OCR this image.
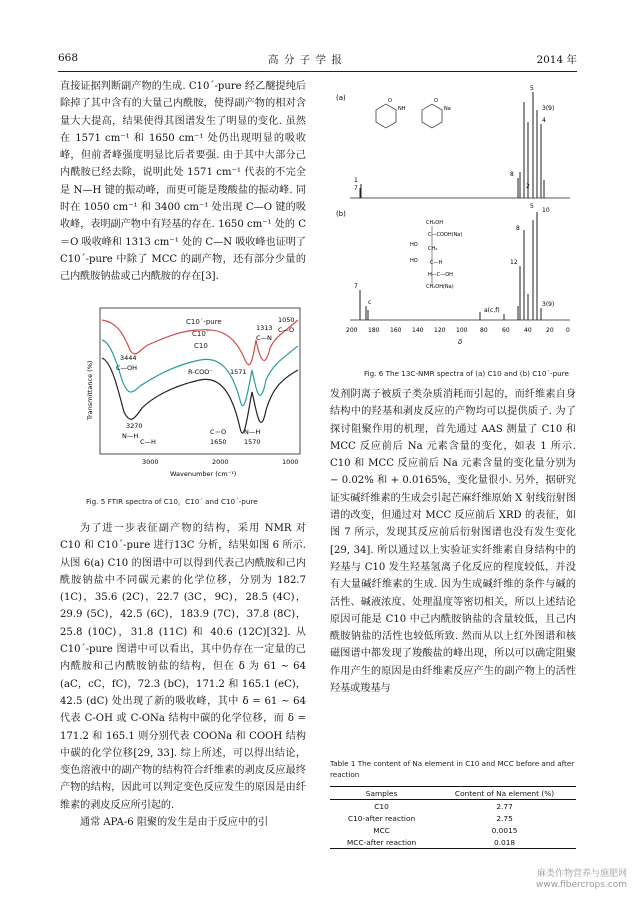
668	高 分 子 学 报	2014 年

直接证据判断副产物的生成. C10´-pure 经乙醚提纯后除掉了其中含有的大量己内酰胺，使得副产物的相对含量大大提高，结果使得其图谱发生了明显的变化. 虽然在 1571 cm⁻¹ 和 1650 cm⁻¹ 处仍出现明显的吸收峰，但前者峰强度明显比后者要强. 由于其中大部分己内酰胺已经去除，说明此处 1571 cm⁻¹ 代表的不完全是 N—H 键的振动峰，而更可能是羧酸盐的振动峰. 同时在 1050 cm⁻¹ 和 3400 cm⁻¹ 处出现 C—O 键的吸收峰，表明副产物中有羟基的存在. 1650 cm⁻¹ 处的 C＝O 吸收峰和 1313 cm⁻¹ 处的 C—N 吸收峰也证明了 C10´-pure 中除了 MCC 的副产物，还有部分少量的己内酰胺钠盐或己内酰胺的存在[3].

C10´-pure
C10´
C10
3444
C—OH
3270
N—H
C—H
R-COO⁻	1571
C＝O
1650
N—H
1570
1313
C—N
1050
C—O
Transmittance (%)
3000	2000	1000
Wavenumber (cm⁻¹)
Fig. 5 FTIR spectra of C10，C10´ and C10´-pure

为了进一步表征副产物的结构，采用 NMR 对 C10 和 C10´-pure 进行13C 分析，结果如图 6 所示. 从图 6(a) C10 的图谱中可以得到代表己内酰胺和己内酰胺钠盐中不同碳元素的化学位移，分别为 182.7 (1C)，35.6 (2C)，22.7 (3C，9C)，28.5 (4C)，29.9 (5C)，42.5 (6C)，183.9 (7C)，37.8 (8C)，25.8 (10C)，31.8 (11C) 和 40.6 (12C)[32]. 从 C10´-pure 图谱中可以看出，其中仍存在一定量的己内酰胺和己内酰胺钠盐的结构，但在 δ 为 61 ~ 64 (aC，cC，fC)，72.3 (bC)，171.2 和 165.1 (eC)，42.5 (dC) 处出现了新的吸收峰，其中 δ = 61 ~ 64 代表 C-OH 或 C-ONa 结构中碳的化学位移，而 δ = 171.2 和 165.1 则分别代表 COONa 和 COOH 结构中碳的化学位移[29, 33]. 综上所述，可以得出结论，变色溶液中的副产物的结构符合纤维素的剥皮反应最终产物的结构，因此可以判定变色反应发生的原因是由纤维素的剥皮反应所引起的.

通常 APA-6 阻聚的发生是由于反应中的引

(a)	O	O
NH	Na
1
7
5
3(9)
4
8
2
(b)
CH₂OH
C—COOH(Na)
HO
CH₂
HO C—H
H—C—OH
CH₂OH(Na)
7
c
10
5
8
12
3(9)
a(c,f)
200 180 160 140 120 100 80 60 40 20 0
δ
Fig. 6 The 13C-NMR spectra of (a) C10 and (b) C10´-pure

发剂阴离子被质子类杂质消耗而引起的，而纤维素自身结构中的羟基和剥皮反应的产物均可以提供质子. 为了探讨阻聚作用的机理，首先通过 AAS 测量了 C10 和 MCC 反应前后 Na 元素含量的变化，如表 1 所示. C10 和 MCC 反应前后 Na 元素含量的变化量分别为 − 0.02% 和 + 0.0165%，变化量很小. 另外，据研究证实碱纤维素的生成会引起芒麻纤维原始 X 射线衍射图谱的改变，但通过对 MCC 反应前后 XRD 的表征，如图 7 所示，发现其反应前后衍射图谱也没有发生变化[29, 34]. 所以通过以上实验证实纤维素自身结构中的羟基与 C10 发生羟基氢离子化反应的程度较低，并没有大量碱纤维素的生成. 因为生成碱纤维的条件与碱的活性、碱液浓度、处理温度等密切相关，所以上述结论原因可能是 C10 中己内酰胺钠盐的含量较低，且己内酰胺钠盐的活性也较低所致. 然而从以上红外图谱和核磁图谱中都发现了羧酸盐的峰出现，所以可以确定阻聚作用产生的原因是由纤维素反应产生的副产物上的活性羟基或羧基与

Table 1 The content of Na element in C10 and MCC before and after reaction
Samples	Content of Na element (%)
C10	2.77
C10-after reaction	2.75
MCC	0.0015
MCC-after reaction	0.018
麻类作物营养与施肥网
www.fibercrops.com
